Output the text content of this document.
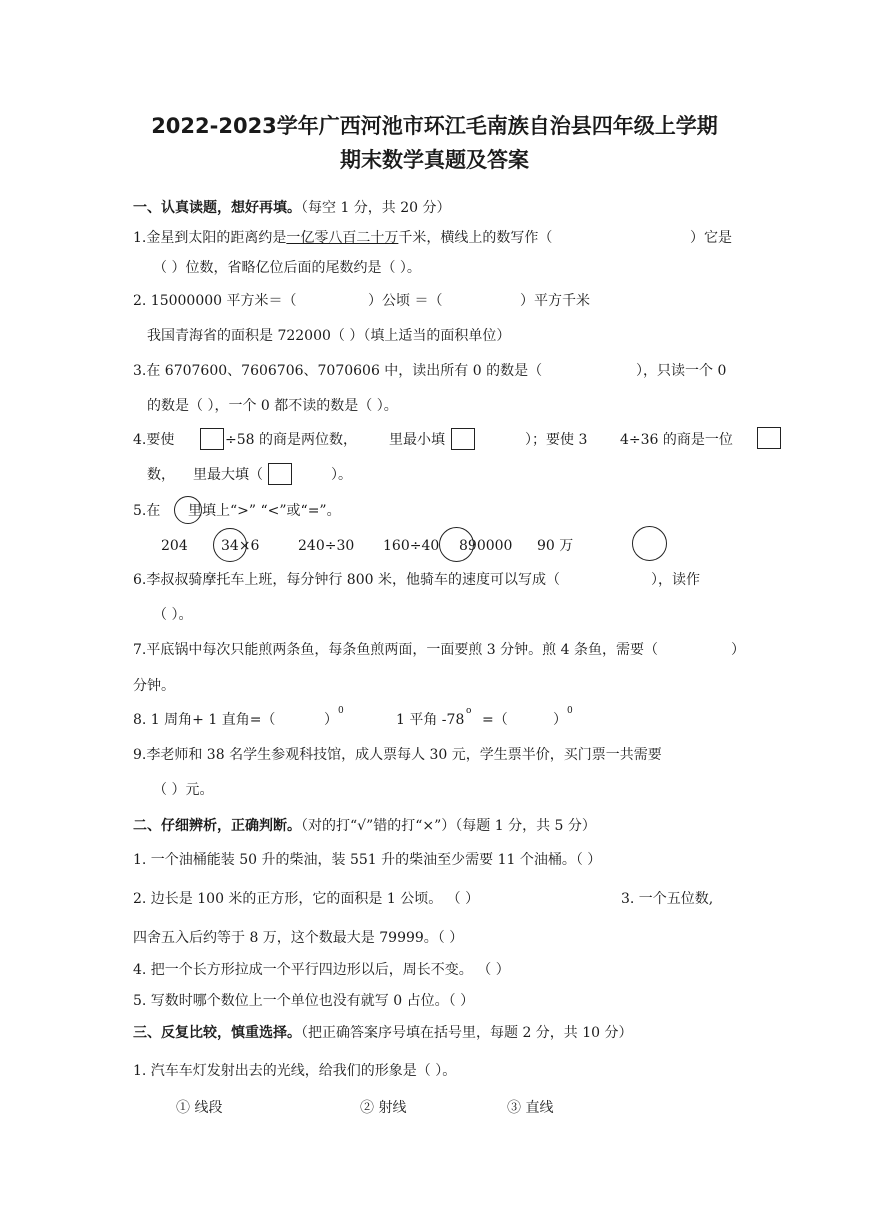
2022-2023学年广西河池市环江毛南族自治县四年级上学期
期末数学真题及答案
一、认真读题，想好再填。（每空 1 分，共 20 分）
1.金星到太阳的距离约是一亿零八百二十万千米，横线上的数写作（	）它是
（ ）位数，省略亿位后面的尾数约是（ ）。
2. 15000000 平方米＝（	）公顷 ＝（	）平方千米
我国青海省的面积是 722000（ ）（填上适当的面积单位）
3.在 6707600、7606706、7070606 中，读出所有 0 的数是（	），只读一个 0
的数是（ ），一个 0 都不读的数是（ ）。
4.要使	÷58 的商是两位数， 里最小填	）；要使 3 4÷36 的商是一位
数， 里最大填（	）。
5.在 里填上“>” “<”或“=”。
204 34×6	240÷30 160÷40 890000 90 万
6.李叔叔骑摩托车上班，每分钟行 800 米，他骑车的速度可以写成（	），读作
（ ）。
7.平底锅中每次只能煎两条鱼，每条鱼煎两面，一面要煎 3 分钟。煎 4 条鱼，需要（	）
分钟。
8. 1 周角+ 1 直角=（	）
0
1 平角 -78
o
=（	）
0
9.李老师和 38 名学生参观科技馆，成人票每人 30 元，学生票半价，买门票一共需要
（ ）元。
二、仔细辨析，正确判断。（对的打“√”错的打“×”）（每题 1 分，共 5 分）
1. 一个油桶能装 50 升的柴油，装 551 升的柴油至少需要 11 个油桶。（ ）
2. 边长是 100 米的正方形，它的面积是 1 公顷。 （ ）	3. 一个五位数,
四舍五入后约等于 8 万，这个数最大是 79999。（ ）
4. 把一个长方形拉成一个平行四边形以后，周长不变。 （ ）
5. 写数时哪个数位上一个单位也没有就写 0 占位。（ ）
三、反复比较，慎重选择。（把正确答案序号填在括号里，每题 2 分，共 10 分）
1. 汽车车灯发射出去的光线，给我们的形象是（ ）。
① 线段	② 射线	③ 直线
